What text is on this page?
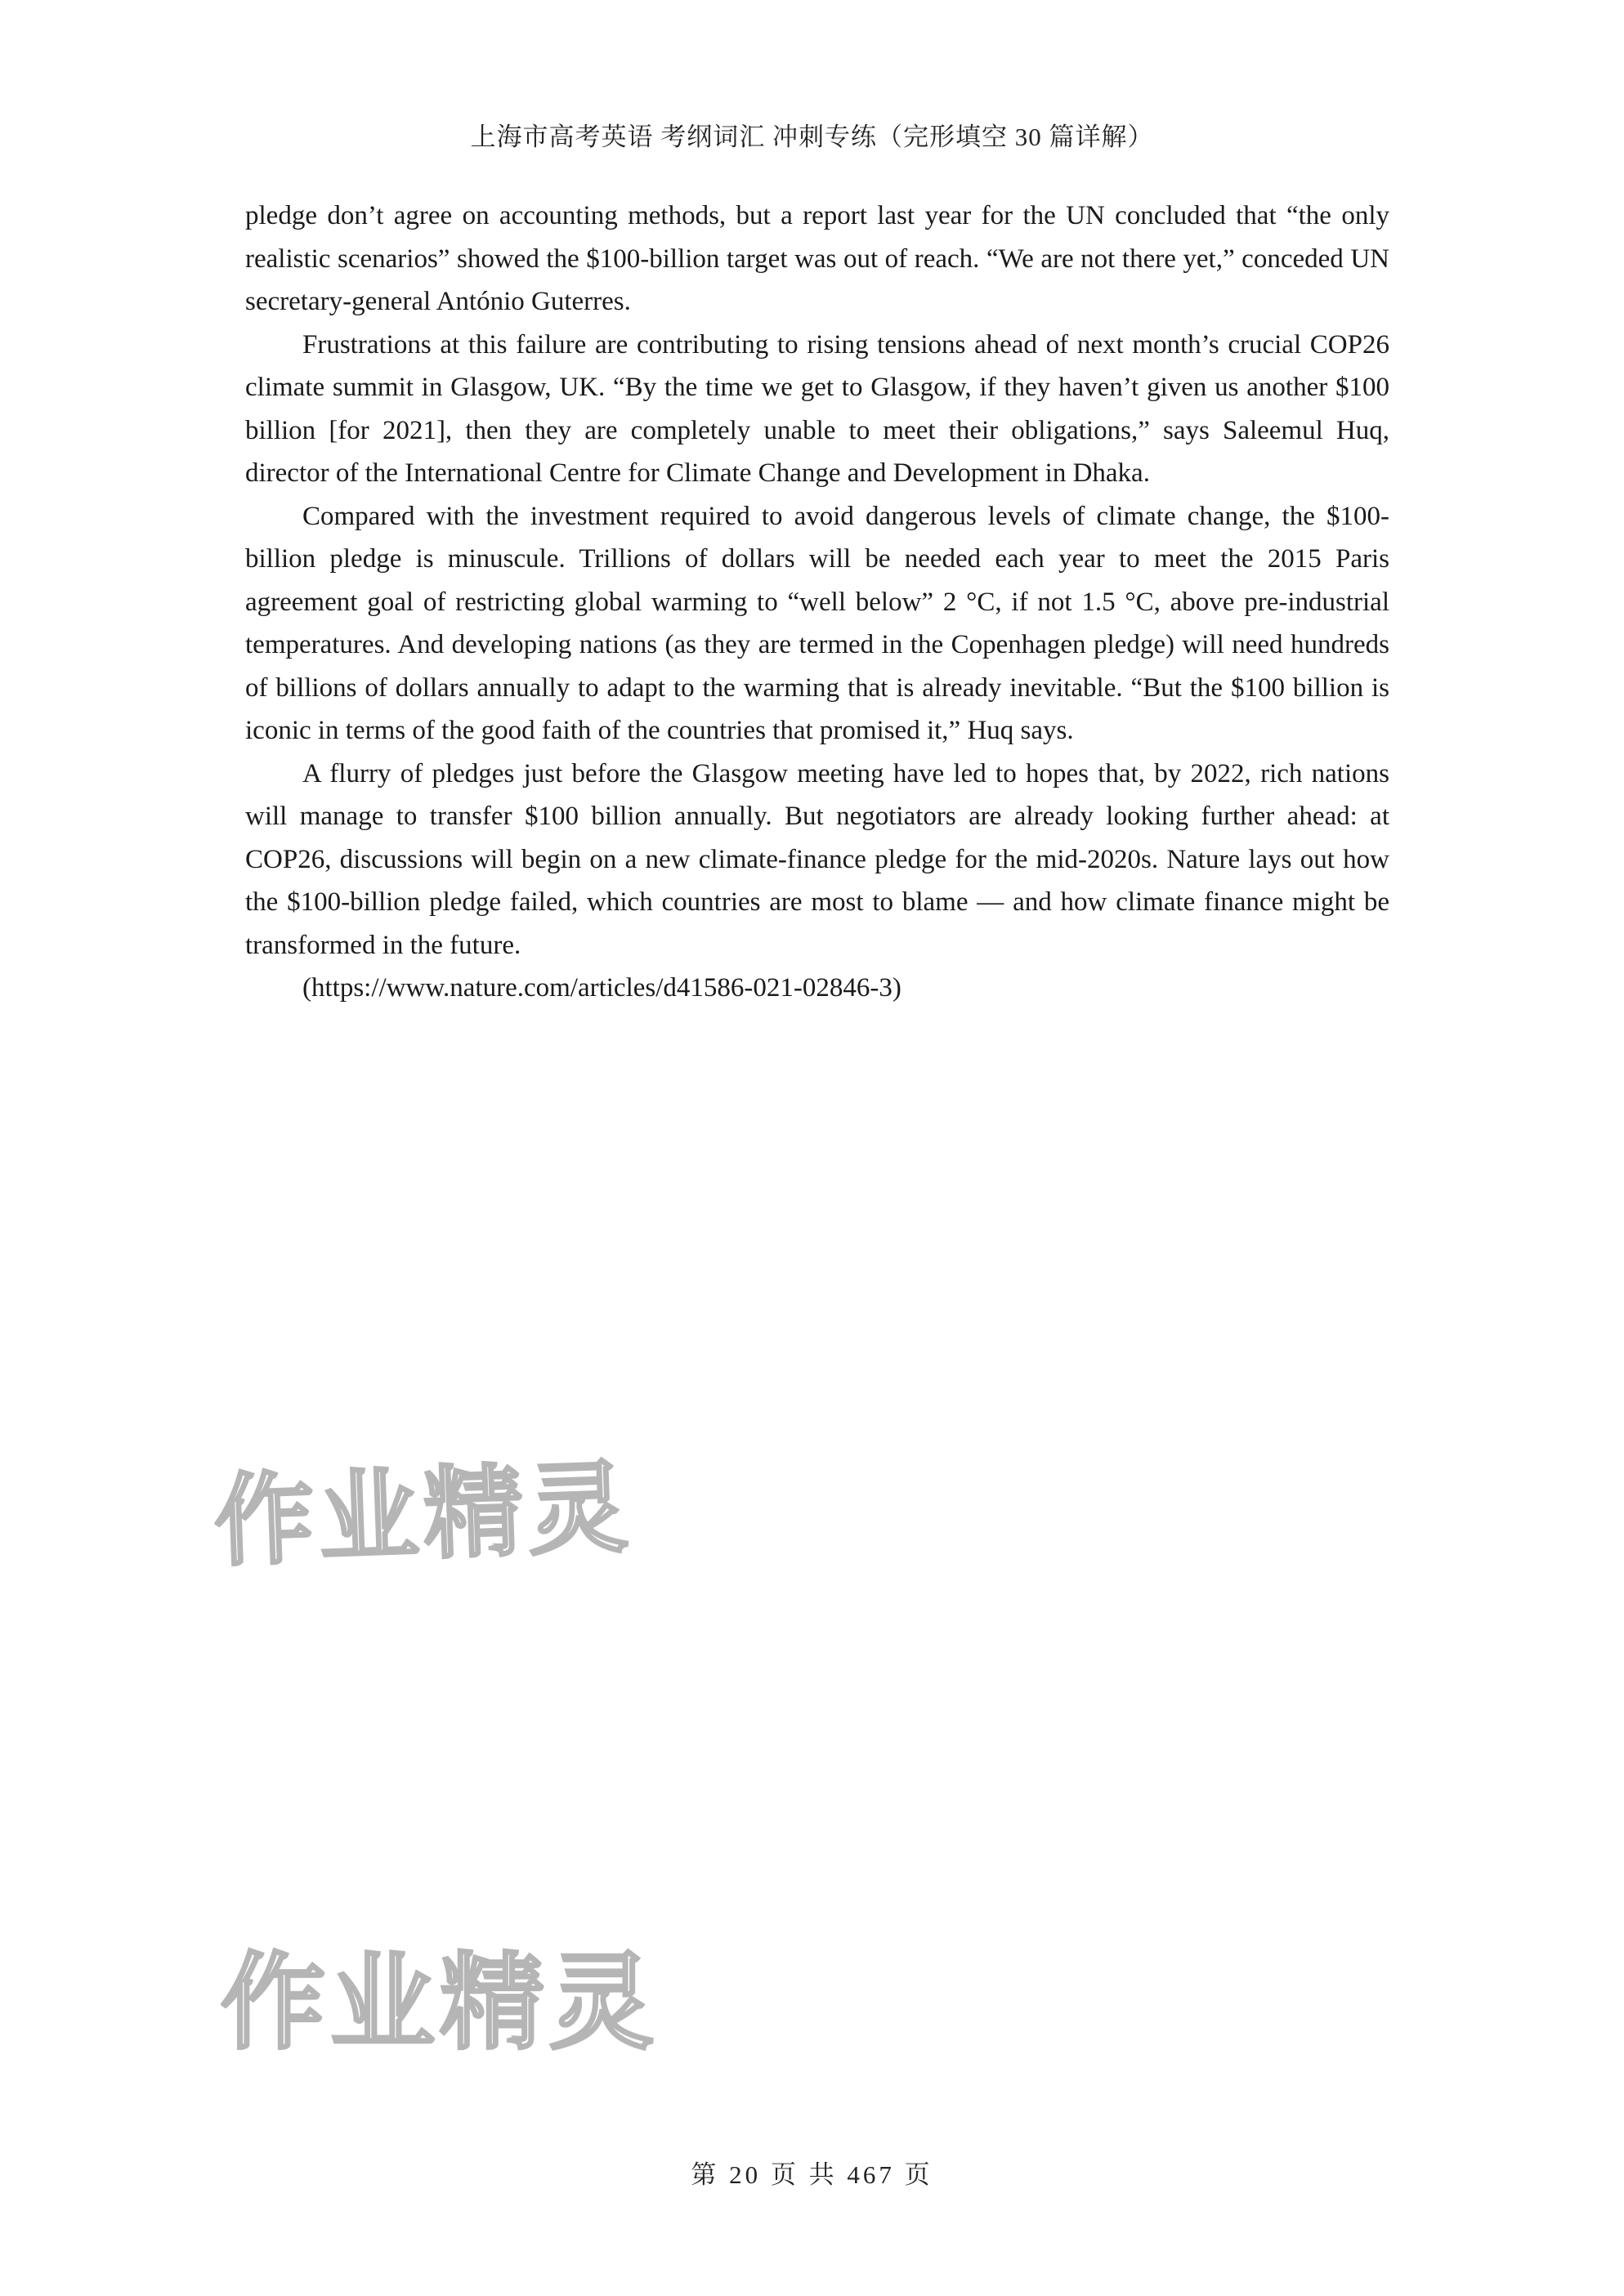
上海市高考英语 考纲词汇 冲刺专练（完形填空 30 篇详解）

pledge don’t agree on accounting methods, but a report last year for the UN concluded that “the only realistic scenarios” showed the $100-billion target was out of reach. “We are not there yet,” conceded UN secretary-general António Guterres.

Frustrations at this failure are contributing to rising tensions ahead of next month’s crucial COP26 climate summit in Glasgow, UK. “By the time we get to Glasgow, if they haven’t given us another $100 billion [for 2021], then they are completely unable to meet their obligations,” says Saleemul Huq, director of the International Centre for Climate Change and Development in Dhaka.

Compared with the investment required to avoid dangerous levels of climate change, the $100-billion pledge is minuscule. Trillions of dollars will be needed each year to meet the 2015 Paris agreement goal of restricting global warming to “well below” 2 °C, if not 1.5 °C, above pre-industrial temperatures. And developing nations (as they are termed in the Copenhagen pledge) will need hundreds of billions of dollars annually to adapt to the warming that is already inevitable. “But the $100 billion is iconic in terms of the good faith of the countries that promised it,” Huq says.

A flurry of pledges just before the Glasgow meeting have led to hopes that, by 2022, rich nations will manage to transfer $100 billion annually. But negotiators are already looking further ahead: at COP26, discussions will begin on a new climate-finance pledge for the mid-2020s. Nature lays out how the $100-billion pledge failed, which countries are most to blame — and how climate finance might be transformed in the future.

(https://www.nature.com/articles/d41586-021-02846-3)

作业精灵
作业精灵
第 20 页 共 467 页
